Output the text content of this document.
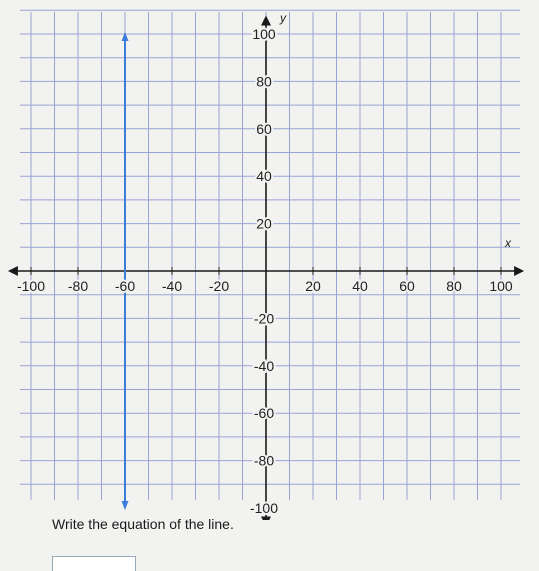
x
y
-100 -80 -60 -40 -20	20 40 60 80 100
100
80
60
40
20
-20
-40
-60
-80
-100

Write the equation of the line.
